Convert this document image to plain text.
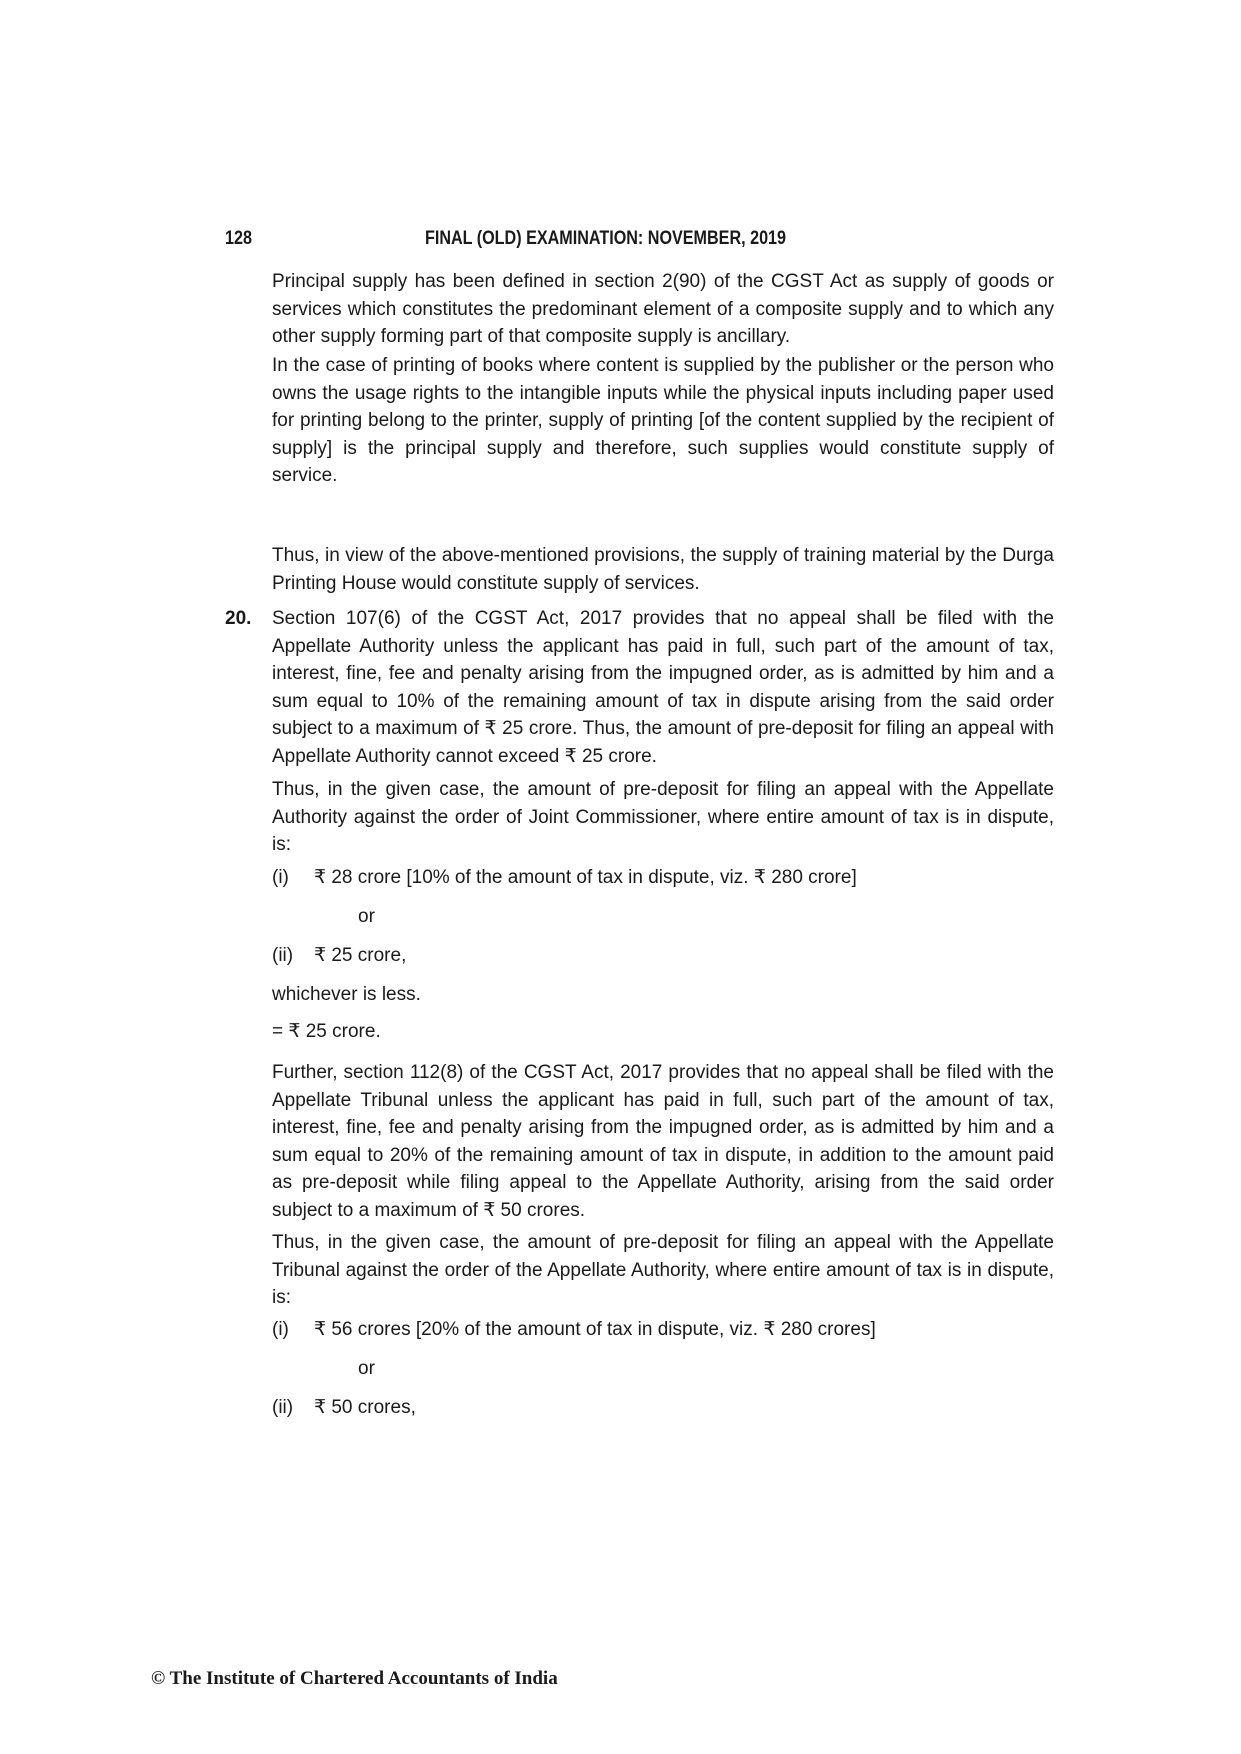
128	FINAL (OLD) EXAMINATION: NOVEMBER, 2019

Principal supply has been defined in section 2(90) of the CGST Act as supply of goods or services which constitutes the predominant element of a composite supply and to which any other supply forming part of that composite supply is ancillary.

In the case of printing of books where content is supplied by the publisher or the person who owns the usage rights to the intangible inputs while the physical inputs including paper used for printing belong to the printer, supply of printing [of the content supplied by the recipient of supply] is the principal supply and therefore, such supplies would constitute supply of service.

Thus, in view of the above-mentioned provisions, the supply of training material by the Durga Printing House would constitute supply of services.

20. Section 107(6) of the CGST Act, 2017 provides that no appeal shall be filed with the Appellate Authority unless the applicant has paid in full, such part of the amount of tax, interest, fine, fee and penalty arising from the impugned order, as is admitted by him and a sum equal to 10% of the remaining amount of tax in dispute arising from the said order subject to a maximum of ₹ 25 crore. Thus, the amount of pre-deposit for filing an appeal with Appellate Authority cannot exceed ₹ 25 crore.

Thus, in the given case, the amount of pre-deposit for filing an appeal with the Appellate Authority against the order of Joint Commissioner, where entire amount of tax is in dispute, is:

(i) ₹ 28 crore [10% of the amount of tax in dispute, viz. ₹ 280 crore]
or
(ii) ₹ 25 crore,
whichever is less.
= ₹ 25 crore.

Further, section 112(8) of the CGST Act, 2017 provides that no appeal shall be filed with the Appellate Tribunal unless the applicant has paid in full, such part of the amount of tax, interest, fine, fee and penalty arising from the impugned order, as is admitted by him and a sum equal to 20% of the remaining amount of tax in dispute, in addition to the amount paid as pre-deposit while filing appeal to the Appellate Authority, arising from the said order subject to a maximum of ₹ 50 crores.

Thus, in the given case, the amount of pre-deposit for filing an appeal with the Appellate Tribunal against the order of the Appellate Authority, where entire amount of tax is in dispute, is:

(i) ₹ 56 crores [20% of the amount of tax in dispute, viz. ₹ 280 crores]
or
(ii) ₹ 50 crores,
© The Institute of Chartered Accountants of India
